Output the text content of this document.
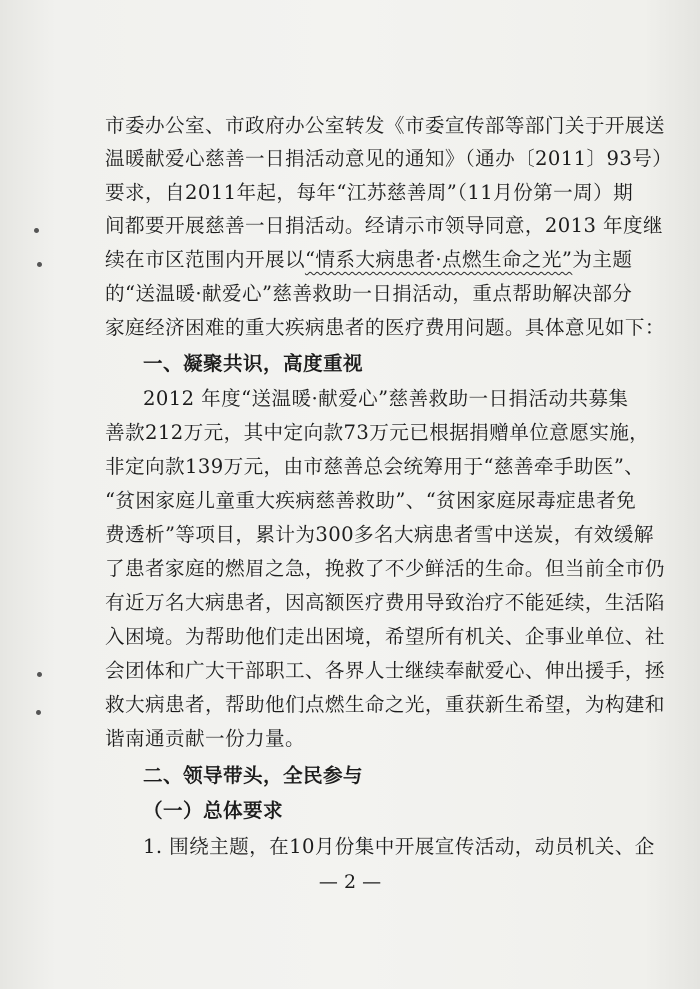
市委办公室、市政府办公室转发《市委宣传部等部门关于开展送
温暖献爱心慈善一日捐活动意见的通知》（通办〔2011〕93号）
要求，自2011年起，每年“江苏慈善周”（11月份第一周）期
间都要开展慈善一日捐活动。经请示市领导同意，2013 年度继
续在市区范围内开展以“情系大病患者·点燃生命之光”为主题
的“送温暖·献爱心”慈善救助一日捐活动，重点帮助解决部分
家庭经济困难的重大疾病患者的医疗费用问题。具体意见如下：
一、凝聚共识，高度重视
2012 年度“送温暖·献爱心”慈善救助一日捐活动共募集
善款212万元，其中定向款73万元已根据捐赠单位意愿实施，
非定向款139万元，由市慈善总会统筹用于“慈善牵手助医”、
“贫困家庭儿童重大疾病慈善救助”、“贫困家庭尿毒症患者免
费透析”等项目，累计为300多名大病患者雪中送炭，有效缓解
了患者家庭的燃眉之急，挽救了不少鲜活的生命。但当前全市仍
有近万名大病患者，因高额医疗费用导致治疗不能延续，生活陷
入困境。为帮助他们走出困境，希望所有机关、企事业单位、社
会团体和广大干部职工、各界人士继续奉献爱心、伸出援手，拯
救大病患者，帮助他们点燃生命之光，重获新生希望，为构建和
谐南通贡献一份力量。
二、领导带头，全民参与
（一）总体要求
1. 围绕主题，在10月份集中开展宣传活动，动员机关、企
— 2 —
